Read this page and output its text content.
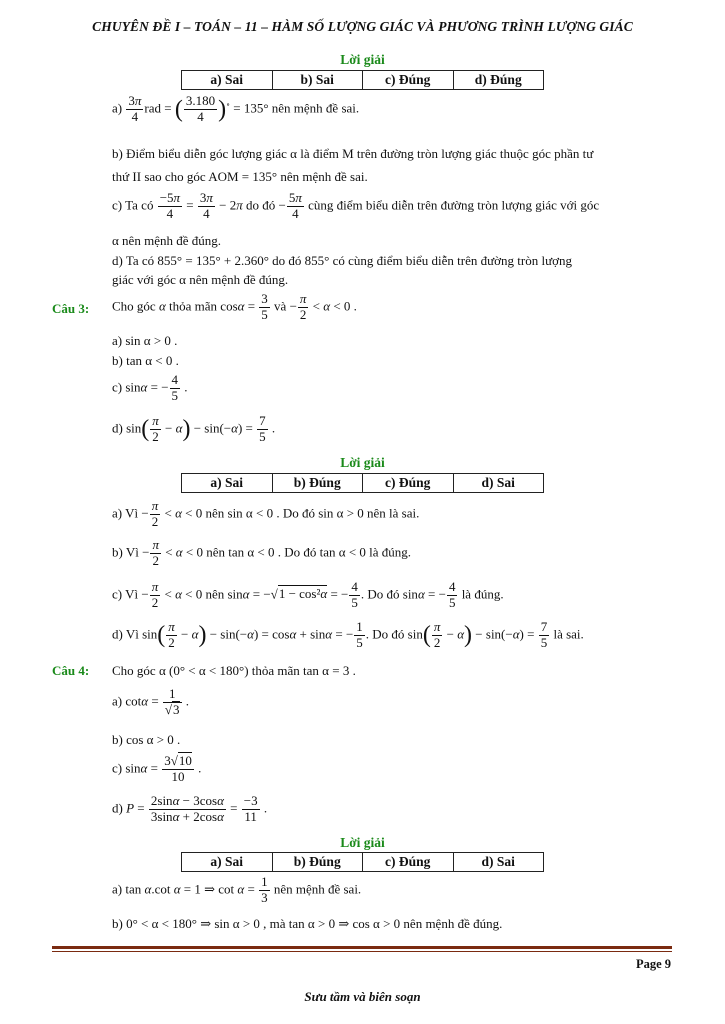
CHUYÊN ĐỀ I – TOÁN – 11 – HÀM SỐ LƯỢNG GIÁC VÀ PHƯƠNG TRÌNH LƯỢNG GIÁC
Lời giải
a) Sai	b) Sai	c) Đúng	d) Đúng
$a) \frac{3\pi}{4}$ rad = ( $\frac{3.180}{4} )^\circ = 135^\circ$ nên mệnh đề sai.
b) Điểm biểu diễn góc lượng giác α là điểm M trên đường tròn lượng giác thuộc góc phần tư
thứ II sao cho góc AOM = 135° nên mệnh đề sai.
c) Ta có $\frac{-5\pi}{4} = \frac{3\pi}{4} - 2\pi$ do đó − $\frac{5\pi}{4}$ cùng điểm biểu diễn trên đường tròn lượng giác với góc
α nên mệnh đề đúng.
d) Ta có 855° = 135° + 2.360° do đó 855° có cùng điểm biểu diễn trên đường tròn lượng
giác với góc α nên mệnh đề đúng.
Câu 3: Cho góc α thỏa mãn $\cos\alpha = \frac{3}{5}$ và − $\frac{\pi}{2} < \alpha < 0$ .
a) sin α > 0 .
b) tan α < 0 .
c) sinα = − $\frac{4}{5}$ .
d) $\sin( \frac{\pi}{2} - \alpha) - \sin(-\alpha) = \frac{7}{5}$ .
Lời giải
a) Sai	b) Đúng	c) Đúng	d) Sai
a) Vì − $\frac{\pi}{2} < \alpha < 0$ nên sin α < 0 . Do đó sin α > 0 nên là sai.
b) Vì − $\frac{\pi}{2} < \alpha < 0$ nên tan α < 0 . Do đó tan α < 0 là đúng.
c) Vì − $\frac{\pi}{2} < \alpha < 0$ nên sinα = −√1 − cos²α = − $\frac{4}{5}$ . Do đó sinα = − $\frac{4}{5}$ là đúng.
d) Vì $\sin( \frac{\pi}{2} - \alpha) - \sin(-\alpha) = \cos\alpha + \sin\alpha$ = − $\frac{1}{5}$ . Do đó $\sin( \frac{\pi}{2} - \alpha) - \sin(-\alpha) = \frac{7}{5}$ là sai.
Câu 4: Cho góc α (0° < α < 180°) thỏa mãn tan α = 3 .
a) $\cot\alpha = \frac{1}{√3}$ .
b) cos α > 0 .
c) $\sin\alpha = \frac{3√10}{10}$ .
d) $P = \frac{2\sin\alpha - 3\cos\alpha}{3\sin\alpha + 2\cos\alpha} = \frac{-3}{11}$ .
Lời giải
a) Sai	b) Đúng	c) Đúng	d) Sai
a) tan α.cot α = 1 ⇒ $\cot \alpha = \frac{1}{3}$ nên mệnh đề sai.
b) 0° < α < 180° ⇒ sin α > 0 , mà tan α > 0 ⇒ cos α > 0 nên mệnh đề đúng.
Page 9
Sưu tầm và biên soạn
